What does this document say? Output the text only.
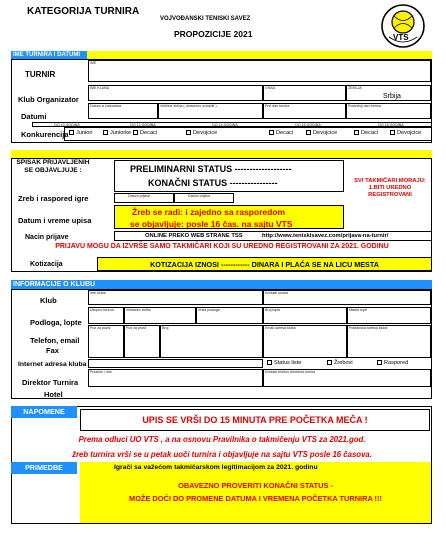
KATEGORIJA TURNIRA
VOJVOĐANSKI TENISKI SAVEZ
PROPOZICIJE 2021	VTS
IME TURNIRA I DATUMI
TURNIR
IME
Klub Organizator
IME KLUBA	GRAD	ZEMLJA
Srbija
Datumi
Datum iz kalendara	Veličina žreba ( obavezno označiti )	Prvi dan turnira	Poslednji dan turnira
Konkurencija
DO 10 GODINA	DO 12 GODINA	DO 14 GODINA	DO 16 GODINA	DO 18 GODINA
Juniori	Juniorke	Decaci	Devojcice	Decaci	Devojcice	Decaci	Devojcice
SPISAK PRIJAVLJENIH SE OBJAVLJUJE :	PRELIMINARNI STATUS -------------------
KONAČNI STATUS ----------------	SVI TAKMIČARI MORAJU: 1.BITI UREDNO REGISTROVANI
Zreb i raspored igre	Datum prijave	Datum prijave
Datum i vreme upisa
Žreb se radi: i zajedno sa rasporedom
se objavljuje: posle 16 čas. na sajtu VTS
Nacin prijave	ONLINE PREKO WEB STRANE TSS	http://www.teniskisavez.com/prijava-na-turnir/
PRIJAVU MOGU DA IZVRŠE SAMO TAKMIČARI KOJI SU UREDNO REGISTROVANI ZA 2021. GODINU
Kotizacija	KOTIZACIJA IZNOSI ------------ DINARA I PLAĆA SE NA LICU MESTA
INFORMACIJE O KLUBU
Klub
Ime kluba	Kontakt osoba
Podloga, lopte
Ukupno terena	Veštačko svetlo	Vrsta podloge	Broj lopta	Marka lopti
Telefon, email
Poz za poziv	Poz za prost	Broj	Email adresa kluba	Poštanska adresa kluba
Fax
Internet adresa kluba	Status liste	Žrebovi	Raspored
Direktor Turnira
Prezime i ime	Kontakt telefon direktora turnira
Hotel
NAPOMENE
UPIS SE VRŠI DO 15 MINUTA PRE POČETKA MEČA !
Prema odluci UO VTS , a na osnovu Pravilnika o takmičenju VTS za 2021.god.
žreb turnira vrši se u petak uoči turnira i objavljuje na sajtu VTS posle 16 časova.
PRIMEDBE	Igrači sa važećom takmičarskom legitimacijom za 2021. godinu
OBAVEZNO PROVERITI KONAČNI STATUS -
MOŽE DOĆI DO PROMENE DATUMA I VREMENA POČETKA TURNIRA !!!
